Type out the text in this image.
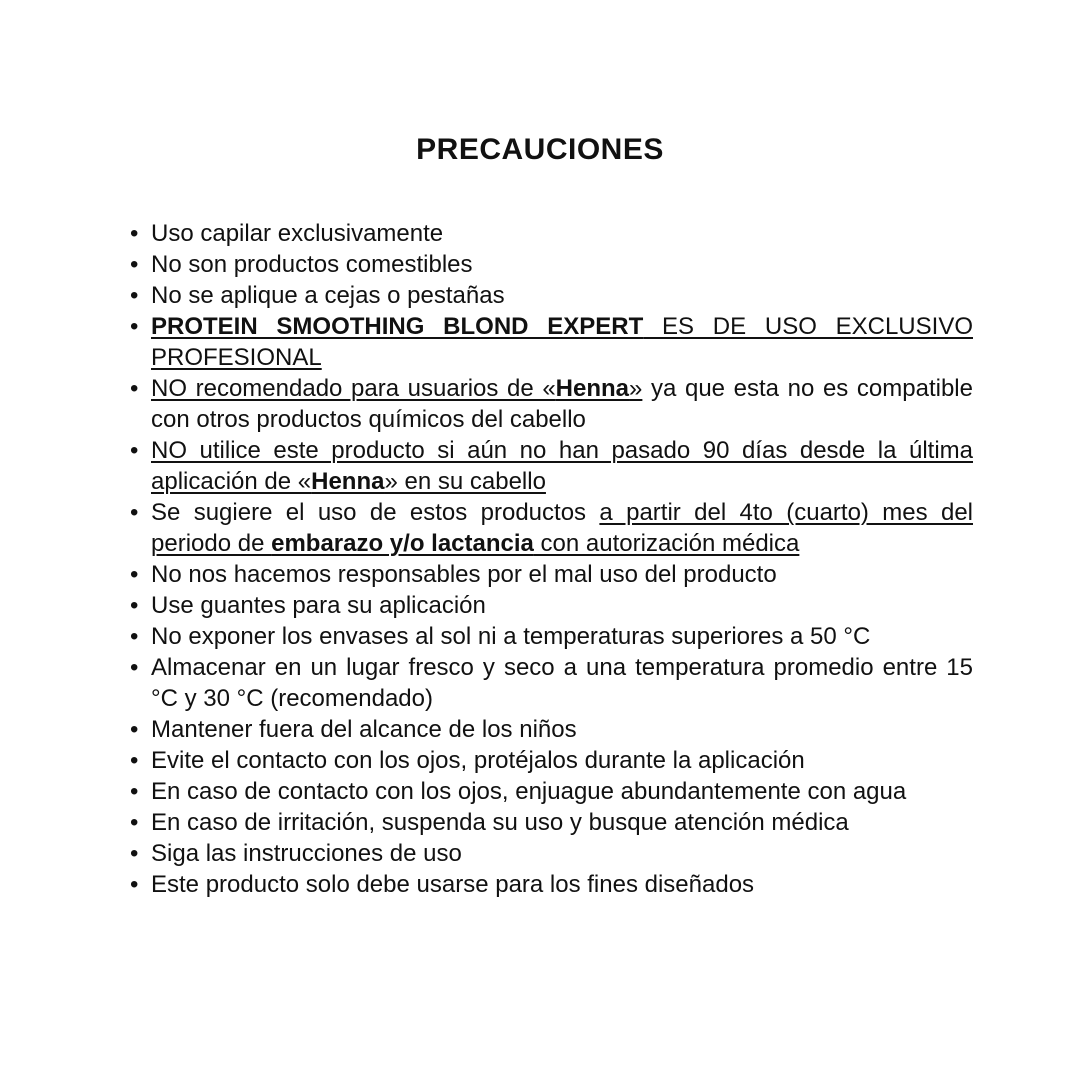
PRECAUCIONES
• Uso capilar exclusivamente
• No son productos comestibles
• No se aplique a cejas o pestañas
• PROTEIN SMOOTHING BLOND EXPERT ES DE USO EXCLUSIVO
PROFESIONAL
• NO recomendado para usuarios de «Henna» ya que esta no es compatible
con otros productos químicos del cabello
• NO utilice este producto si aún no han pasado 90 días desde la última
aplicación de «Henna» en su cabello
• Se sugiere el uso de estos productos a partir del 4to (cuarto) mes del
periodo de embarazo y/o lactancia con autorización médica
• No nos hacemos responsables por el mal uso del producto
• Use guantes para su aplicación
• No exponer los envases al sol ni a temperaturas superiores a 50 °C
• Almacenar en un lugar fresco y seco a una temperatura promedio entre 15
°C y 30 °C (recomendado)
• Mantener fuera del alcance de los niños
• Evite el contacto con los ojos, protéjalos durante la aplicación
• En caso de contacto con los ojos, enjuague abundantemente con agua
• En caso de irritación, suspenda su uso y busque atención médica
• Siga las instrucciones de uso
• Este producto solo debe usarse para los fines diseñados
